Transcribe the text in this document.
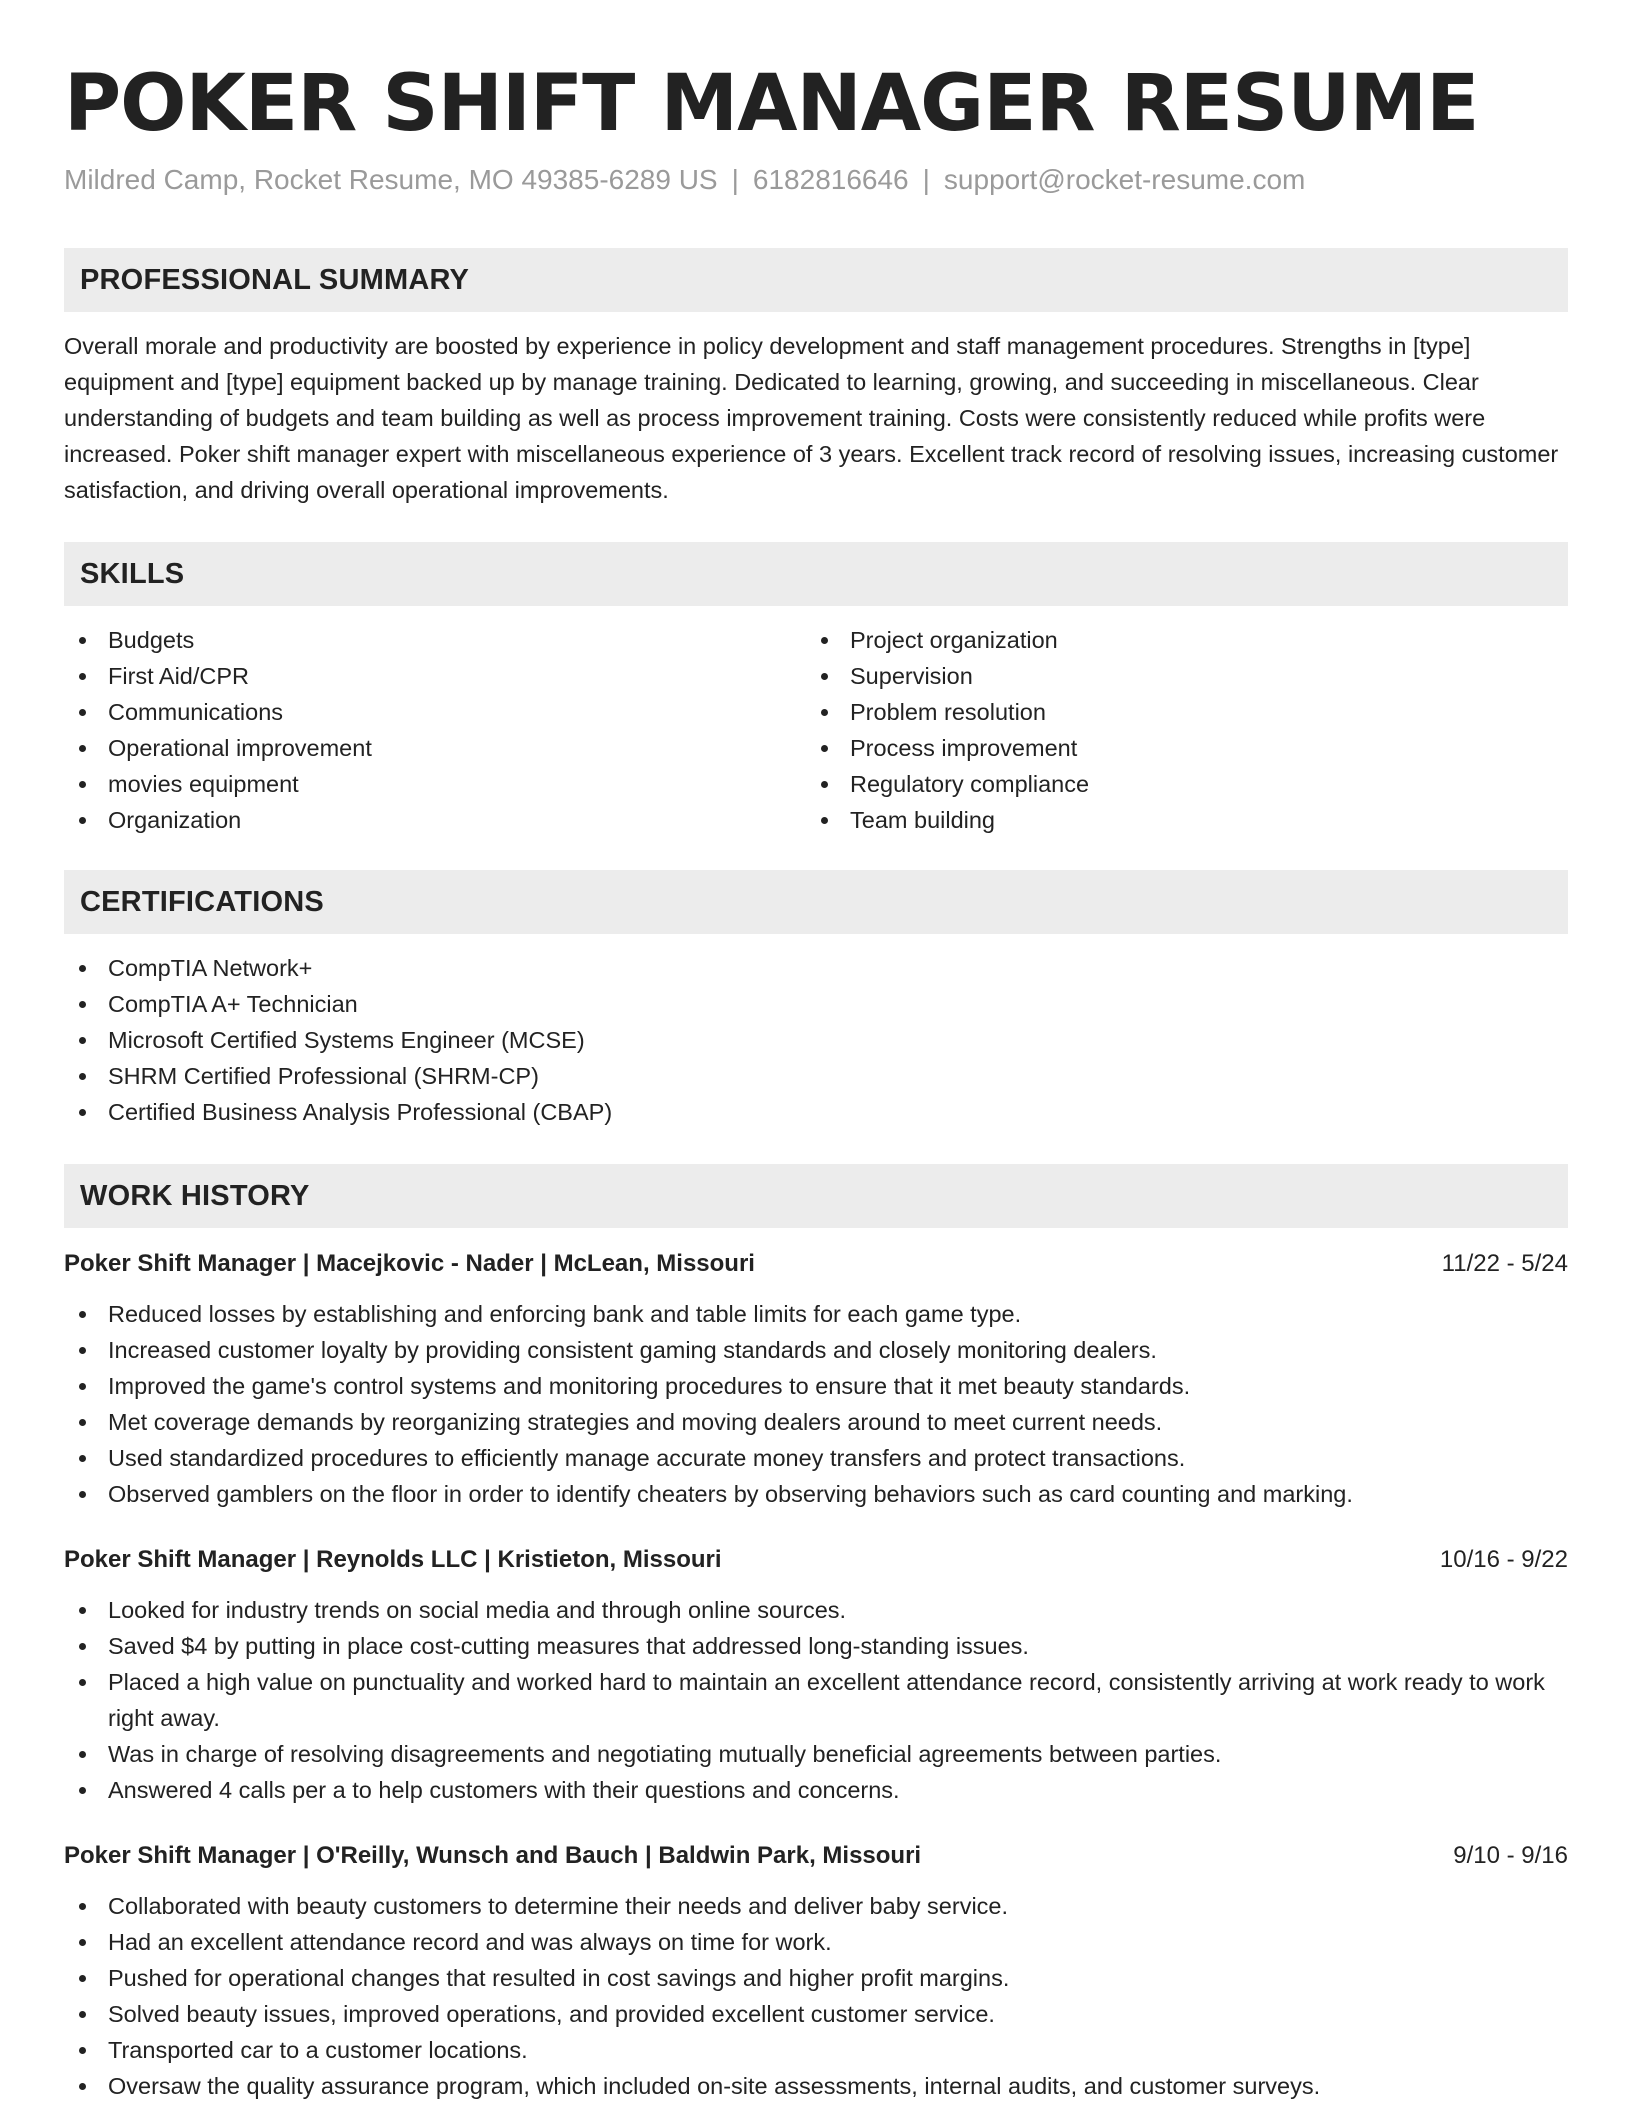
POKER SHIFT MANAGER RESUME
Mildred Camp, Rocket Resume, MO 49385-6289 US | 6182816646 | support@rocket-resume.com
PROFESSIONAL SUMMARY

Overall morale and productivity are boosted by experience in policy development and staff management procedures. Strengths in [type] equipment and [type] equipment backed up by manage training. Dedicated to learning, growing, and succeeding in miscellaneous. Clear understanding of budgets and team building as well as process improvement training. Costs were consistently reduced while profits were increased. Poker shift manager expert with miscellaneous experience of 3 years. Excellent track record of resolving issues, increasing customer satisfaction, and driving overall operational improvements.

SKILLS
Budgets
First Aid/CPR
Communications
Operational improvement
movies equipment
Organization
Project organization
Supervision
Problem resolution
Process improvement
Regulatory compliance
Team building
CERTIFICATIONS
CompTIA Network+
CompTIA A+ Technician
Microsoft Certified Systems Engineer (MCSE)
SHRM Certified Professional (SHRM-CP)
Certified Business Analysis Professional (CBAP)
WORK HISTORY
Poker Shift Manager | Macejkovic - Nader | McLean, Missouri	11/22 - 5/24
Reduced losses by establishing and enforcing bank and table limits for each game type.
Increased customer loyalty by providing consistent gaming standards and closely monitoring dealers.
Improved the game's control systems and monitoring procedures to ensure that it met beauty standards.
Met coverage demands by reorganizing strategies and moving dealers around to meet current needs.
Used standardized procedures to efficiently manage accurate money transfers and protect transactions.
Observed gamblers on the floor in order to identify cheaters by observing behaviors such as card counting and marking.
Poker Shift Manager | Reynolds LLC | Kristieton, Missouri	10/16 - 9/22
Looked for industry trends on social media and through online sources.
Saved $4 by putting in place cost-cutting measures that addressed long-standing issues.
Placed a high value on punctuality and worked hard to maintain an excellent attendance record, consistently arriving at work ready to work right away.
Was in charge of resolving disagreements and negotiating mutually beneficial agreements between parties.
Answered 4 calls per a to help customers with their questions and concerns.
Poker Shift Manager | O'Reilly, Wunsch and Bauch | Baldwin Park, Missouri	9/10 - 9/16
Collaborated with beauty customers to determine their needs and deliver baby service.
Had an excellent attendance record and was always on time for work.
Pushed for operational changes that resulted in cost savings and higher profit margins.
Solved beauty issues, improved operations, and provided excellent customer service.
Transported car to a customer locations.
Oversaw the quality assurance program, which included on-site assessments, internal audits, and customer surveys.
